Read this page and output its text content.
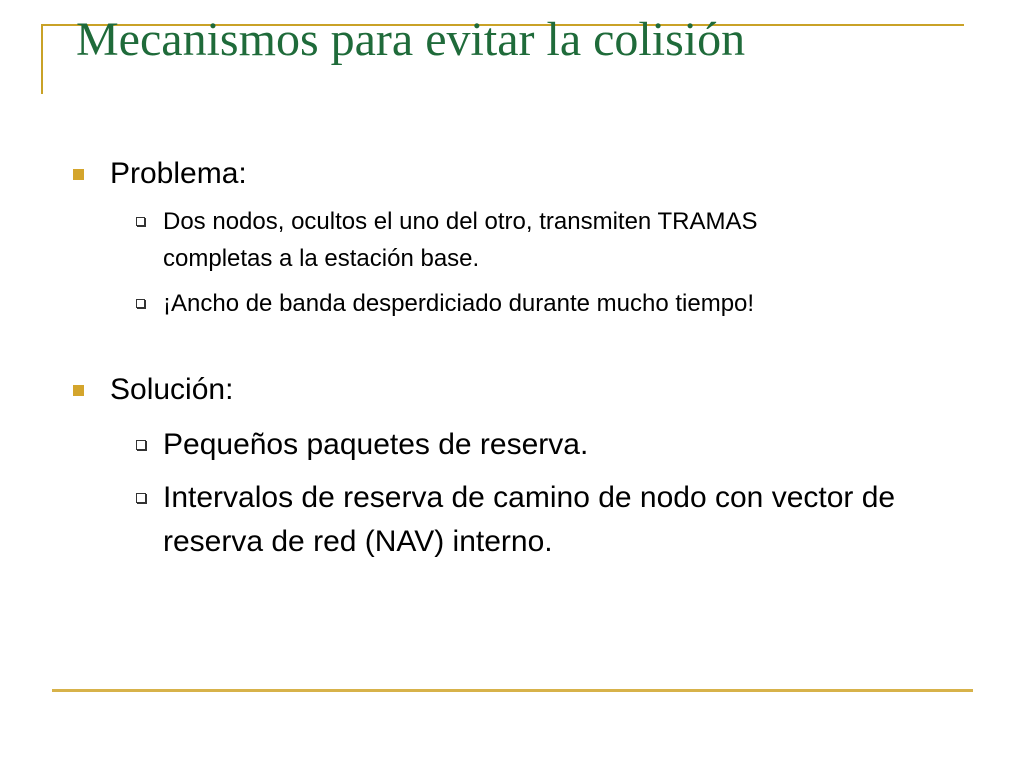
Mecanismos para evitar la colisión
Problema:
Dos nodos, ocultos el uno del otro, transmiten TRAMAS completas a la estación base.
¡Ancho de banda desperdiciado durante mucho tiempo!
Solución:
Pequeños paquetes de reserva.
Intervalos de reserva de camino de nodo con vector de reserva de red (NAV) interno.
